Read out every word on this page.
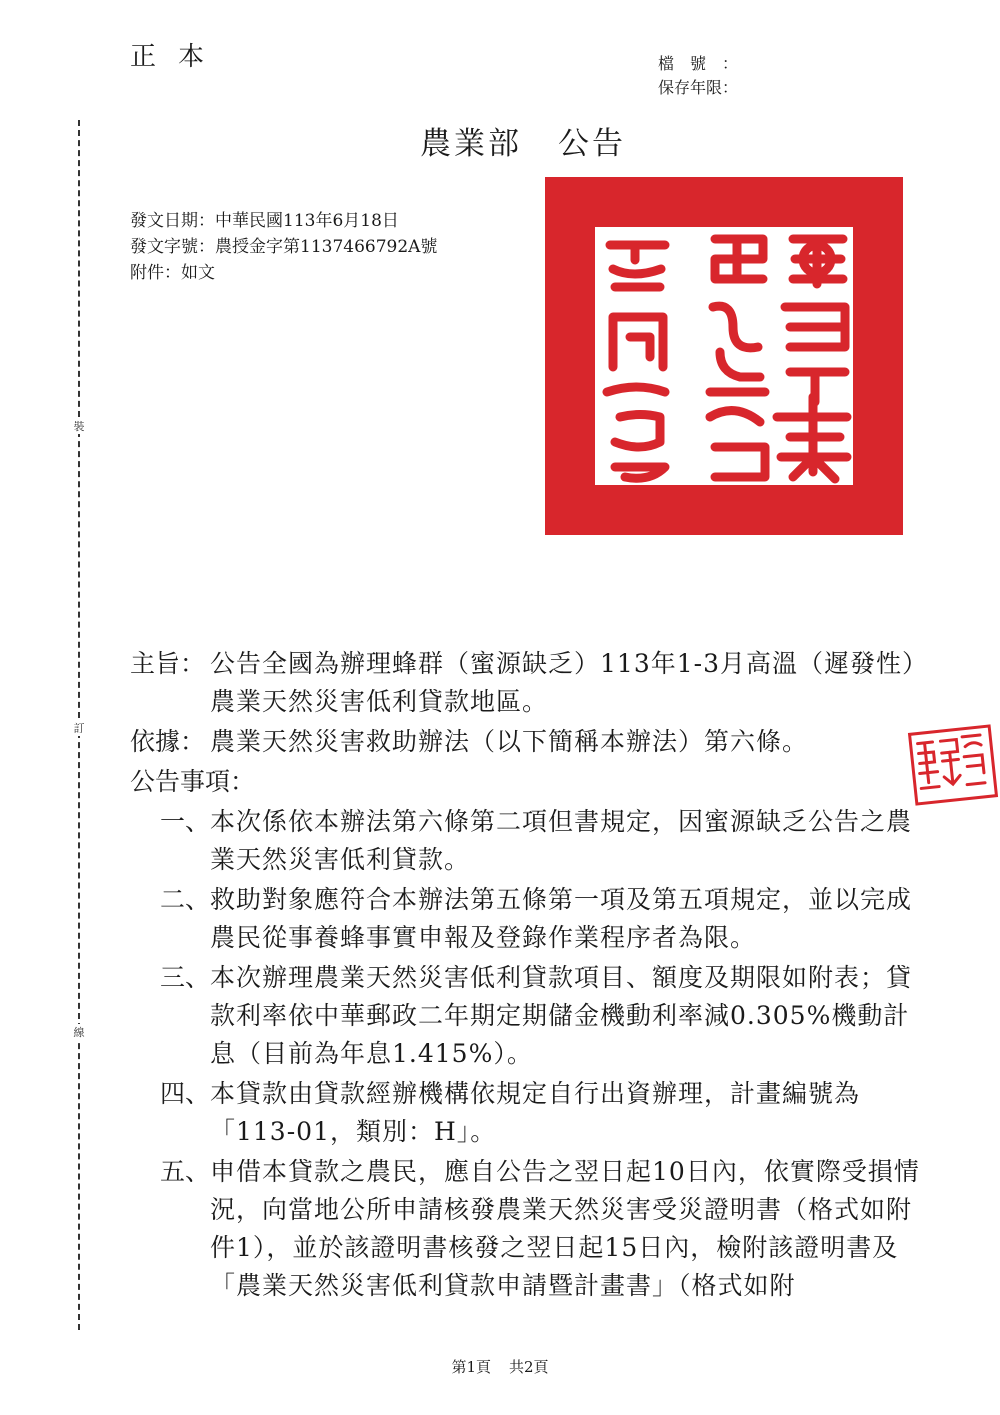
正本	檔號：
保存年限：
農業部 公告
發文日期：中華民國113年6月18日
發文字號：農授金字第1137466792A號
附件：如文
裝
訂
線
主旨： 公告全國為辦理蜂群（蜜源缺乏）113年1-3月高溫（遲發性）農業天然災害低利貸款地區。
依據： 農業天然災害救助辦法（以下簡稱本辦法）第六條。
公告事項：
一、 本次係依本辦法第六條第二項但書規定，因蜜源缺乏公告之農業天然災害低利貸款。
二、 救助對象應符合本辦法第五條第一項及第五項規定，並以完成農民從事養蜂事實申報及登錄作業程序者為限。
三、 本次辦理農業天然災害低利貸款項目、額度及期限如附表；貸款利率依中華郵政二年期定期儲金機動利率減0.305%機動計息（目前為年息1.415%）。
四、 本貸款由貸款經辦機構依規定自行出資辦理，計畫編號為「113-01，類別：H」。
五、 申借本貸款之農民，應自公告之翌日起10日內，依實際受損情況，向當地公所申請核發農業天然災害受災證明書（格式如附件1），並於該證明書核發之翌日起15日內，檢附該證明書及「農業天然災害低利貸款申請暨計畫書」（格式如附
第1頁 共2頁
